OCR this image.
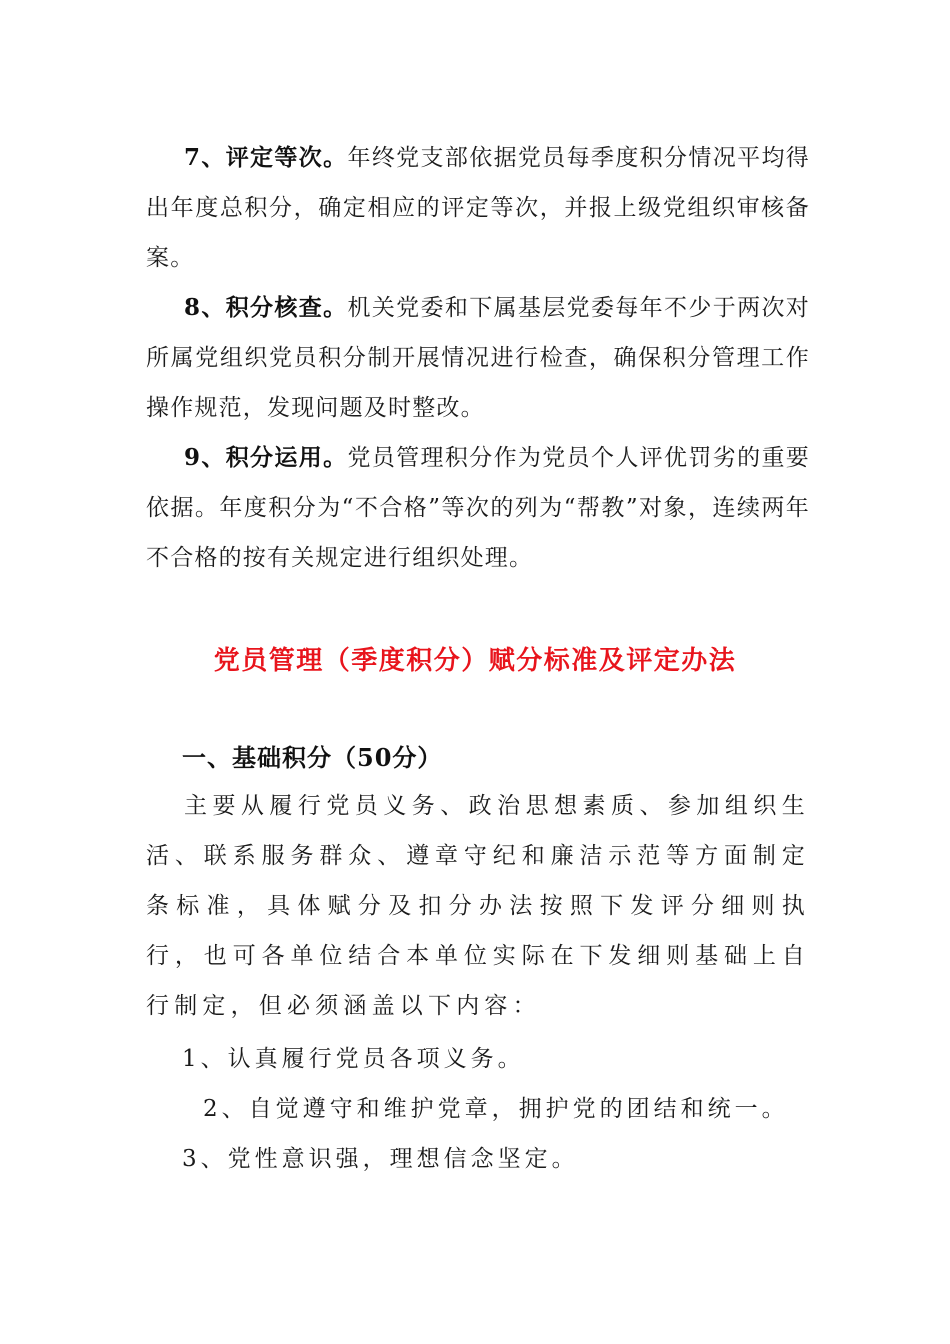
7、评定等次。年终党支部依据党员每季度积分情况平均得出年度总积分，确定相应的评定等次，并报上级党组织审核备案。

8、积分核查。机关党委和下属基层党委每年不少于两次对所属党组织党员积分制开展情况进行检查，确保积分管理工作操作规范，发现问题及时整改。

9、积分运用。党员管理积分作为党员个人评优罚劣的重要依据。年度积分为“不合格”等次的列为“帮教”对象，连续两年不合格的按有关规定进行组织处理。

党员管理（季度积分）赋分标准及评定办法
一、基础积分（50分）

主要从履行党员义务、政治思想素质、参加组织生活、联系服务群众、遵章守纪和廉洁示范等方面制定条标准，具体赋分及扣分办法按照下发评分细则执行，也可各单位结合本单位实际在下发细则基础上自行制定，但必须涵盖以下内容：

1、认真履行党员各项义务。

2、自觉遵守和维护党章，拥护党的团结和统一。

3、党性意识强，理想信念坚定。
